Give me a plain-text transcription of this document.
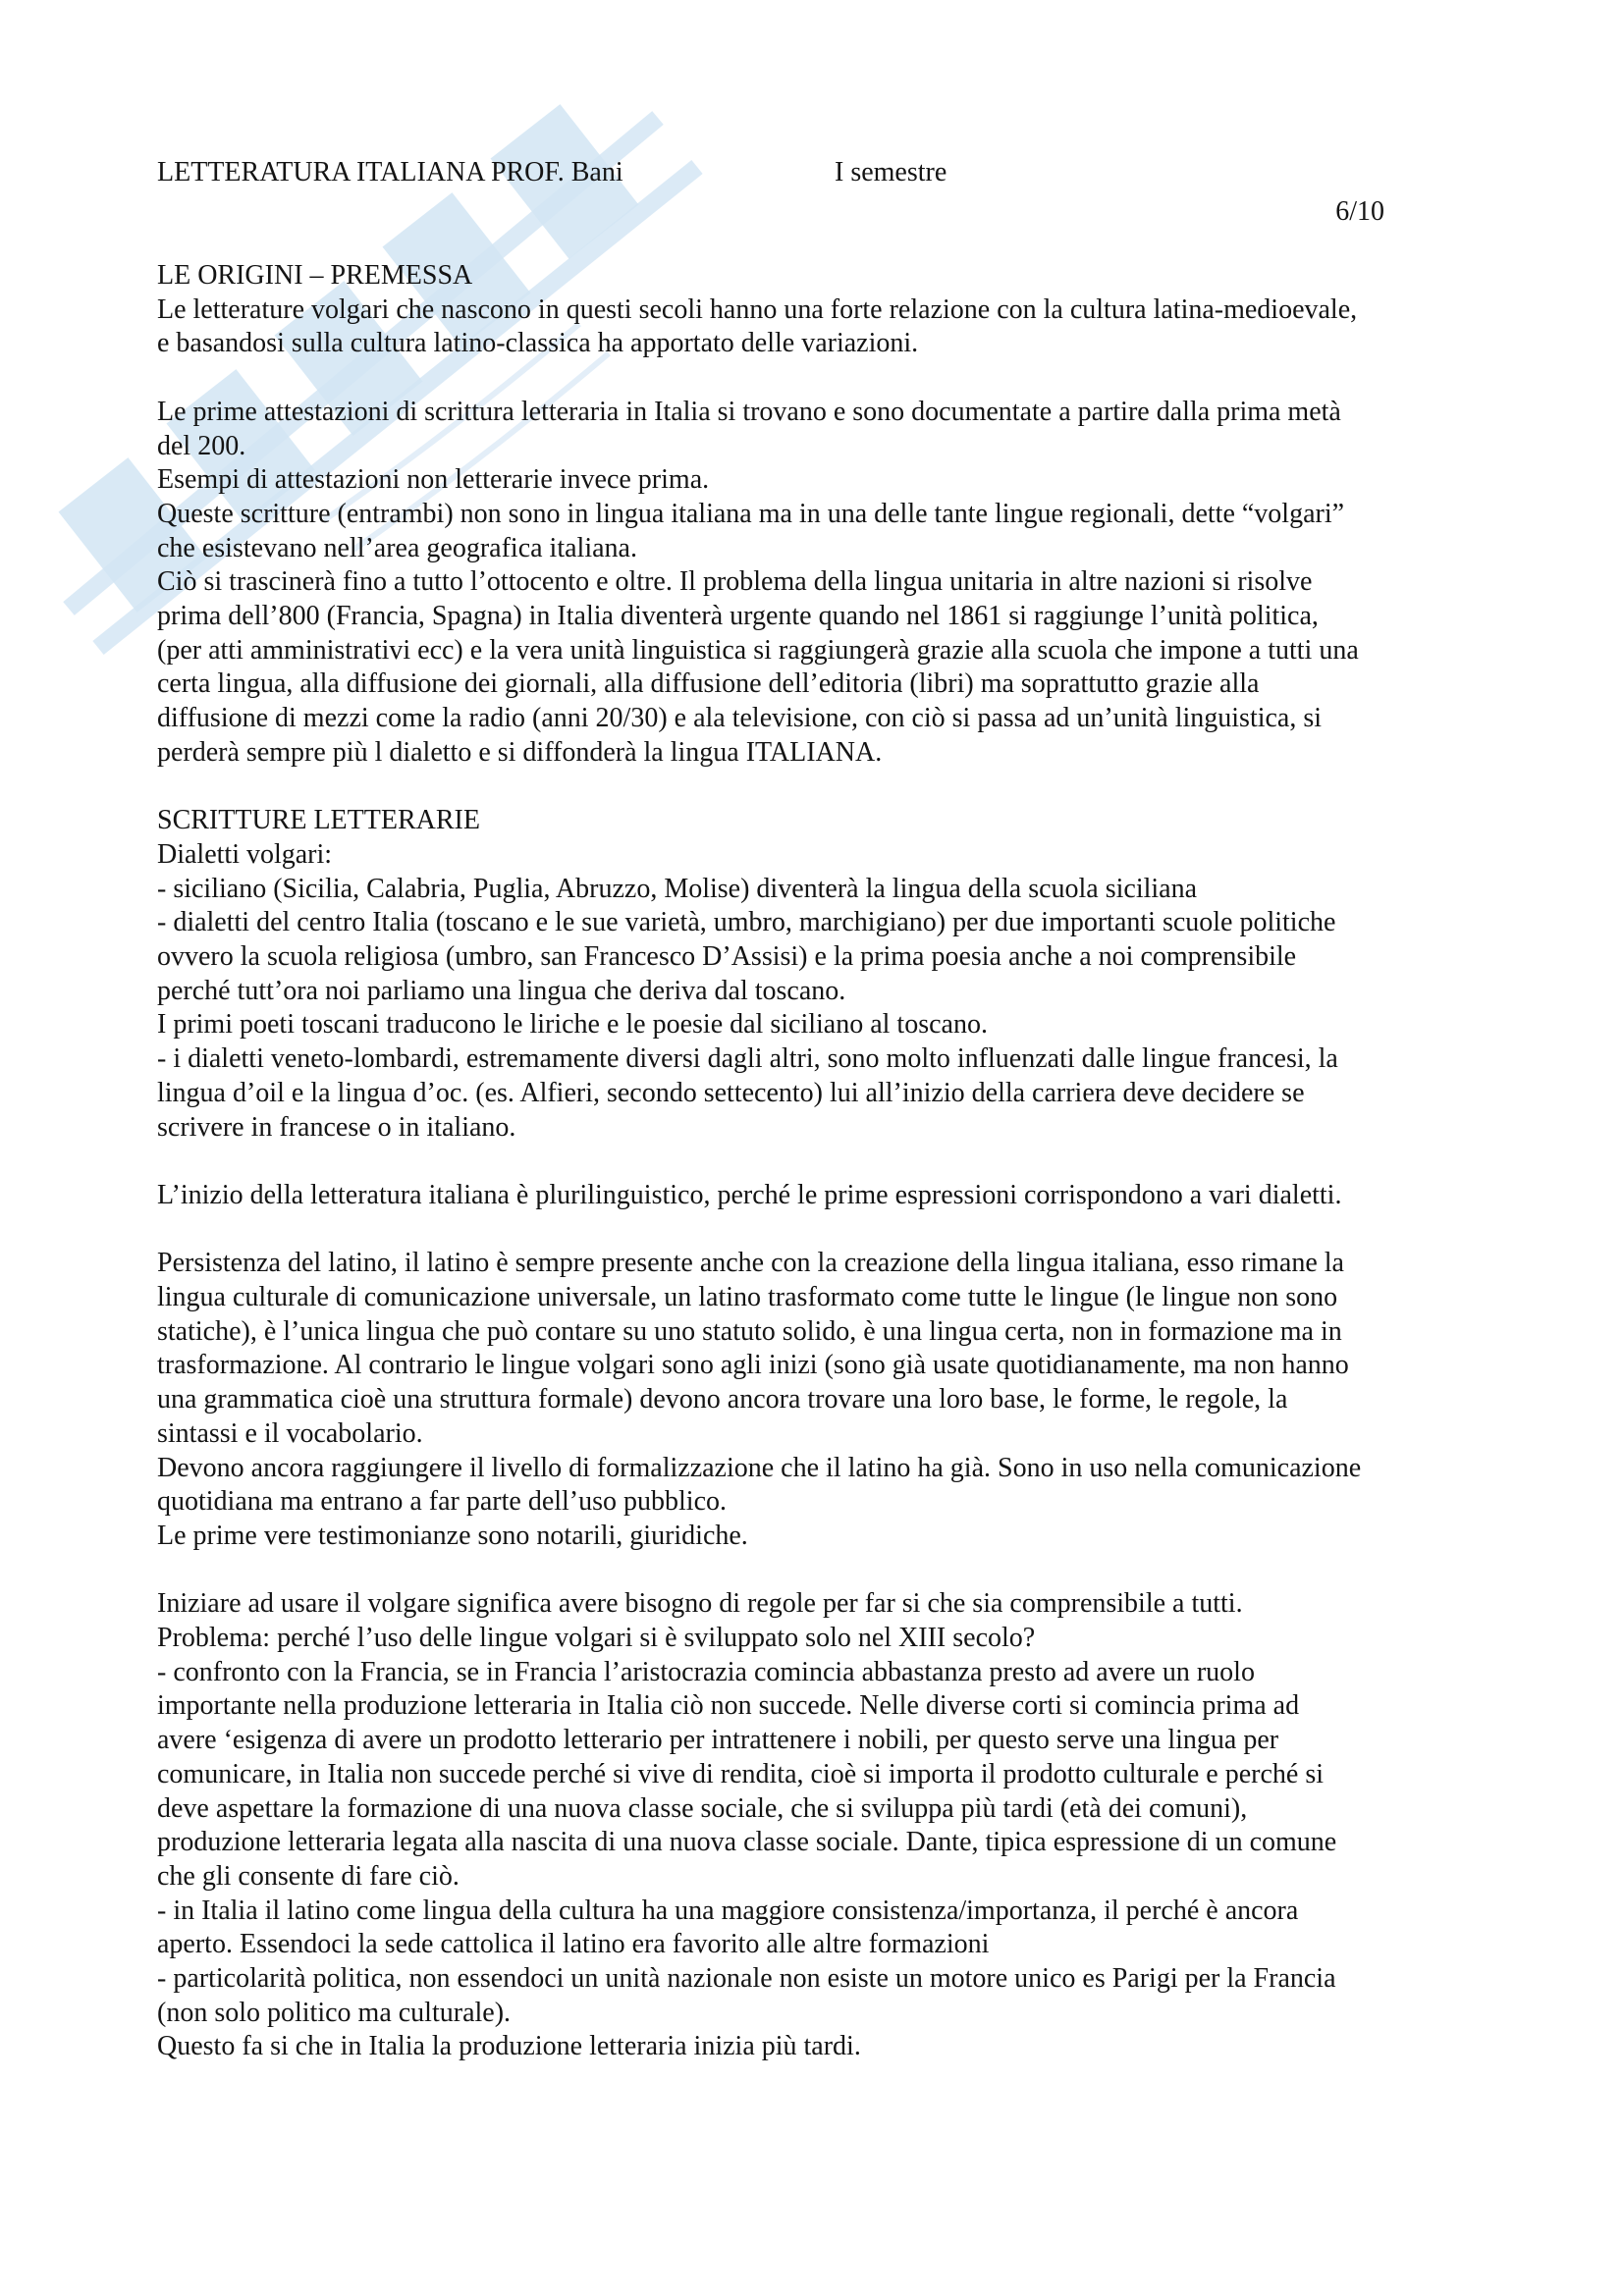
LETTERATURA ITALIANA PROF. Bani	I semestre
6/10

LE ORIGINI – PREMESSA
Le letterature volgari che nascono in questi secoli hanno una forte relazione con la cultura latina-medioevale,
e basandosi sulla cultura latino-classica ha apportato delle variazioni.

Le prime attestazioni di scrittura letteraria in Italia si trovano e sono documentate a partire dalla prima metà
del 200.
Esempi di attestazioni non letterarie invece prima.
Queste scritture (entrambi) non sono in lingua italiana ma in una delle tante lingue regionali, dette “volgari”
che esistevano nell’area geografica italiana.
Ciò si trascinerà fino a tutto l’ottocento e oltre. Il problema della lingua unitaria in altre nazioni si risolve
prima dell’800 (Francia, Spagna) in Italia diventerà urgente quando nel 1861 si raggiunge l’unità politica,
(per atti amministrativi ecc) e la vera unità linguistica si raggiungerà grazie alla scuola che impone a tutti una
certa lingua, alla diffusione dei giornali, alla diffusione dell’editoria (libri) ma soprattutto grazie alla
diffusione di mezzi come la radio (anni 20/30) e ala televisione, con ciò si passa ad un’unità linguistica, si
perderà sempre più l dialetto e si diffonderà la lingua ITALIANA.

SCRITTURE LETTERARIE
Dialetti volgari:
- siciliano (Sicilia, Calabria, Puglia, Abruzzo, Molise) diventerà la lingua della scuola siciliana
- dialetti del centro Italia (toscano e le sue varietà, umbro, marchigiano) per due importanti scuole politiche
ovvero la scuola religiosa (umbro, san Francesco D’Assisi) e la prima poesia anche a noi comprensibile
perché tutt’ora noi parliamo una lingua che deriva dal toscano.
I primi poeti toscani traducono le liriche e le poesie dal siciliano al toscano.
- i dialetti veneto-lombardi, estremamente diversi dagli altri, sono molto influenzati dalle lingue francesi, la
lingua d’oil e la lingua d’oc. (es. Alfieri, secondo settecento) lui all’inizio della carriera deve decidere se
scrivere in francese o in italiano.

L’inizio della letteratura italiana è plurilinguistico, perché le prime espressioni corrispondono a vari dialetti.

Persistenza del latino, il latino è sempre presente anche con la creazione della lingua italiana, esso rimane la
lingua culturale di comunicazione universale, un latino trasformato come tutte le lingue (le lingue non sono
statiche), è l’unica lingua che può contare su uno statuto solido, è una lingua certa, non in formazione ma in
trasformazione. Al contrario le lingue volgari sono agli inizi (sono già usate quotidianamente, ma non hanno
una grammatica cioè una struttura formale) devono ancora trovare una loro base, le forme, le regole, la
sintassi e il vocabolario.
Devono ancora raggiungere il livello di formalizzazione che il latino ha già. Sono in uso nella comunicazione
quotidiana ma entrano a far parte dell’uso pubblico.
Le prime vere testimonianze sono notarili, giuridiche.

Iniziare ad usare il volgare significa avere bisogno di regole per far si che sia comprensibile a tutti.
Problema: perché l’uso delle lingue volgari si è sviluppato solo nel XIII secolo?
- confronto con la Francia, se in Francia l’aristocrazia comincia abbastanza presto ad avere un ruolo
importante nella produzione letteraria in Italia ciò non succede. Nelle diverse corti si comincia prima ad
avere ‘esigenza di avere un prodotto letterario per intrattenere i nobili, per questo serve una lingua per
comunicare, in Italia non succede perché si vive di rendita, cioè si importa il prodotto culturale e perché si
deve aspettare la formazione di una nuova classe sociale, che si sviluppa più tardi (età dei comuni),
produzione letteraria legata alla nascita di una nuova classe sociale. Dante, tipica espressione di un comune
che gli consente di fare ciò.
- in Italia il latino come lingua della cultura ha una maggiore consistenza/importanza, il perché è ancora
aperto. Essendoci la sede cattolica il latino era favorito alle altre formazioni
- particolarità politica, non essendoci un unità nazionale non esiste un motore unico es Parigi per la Francia
(non solo politico ma culturale).
Questo fa si che in Italia la produzione letteraria inizia più tardi.
